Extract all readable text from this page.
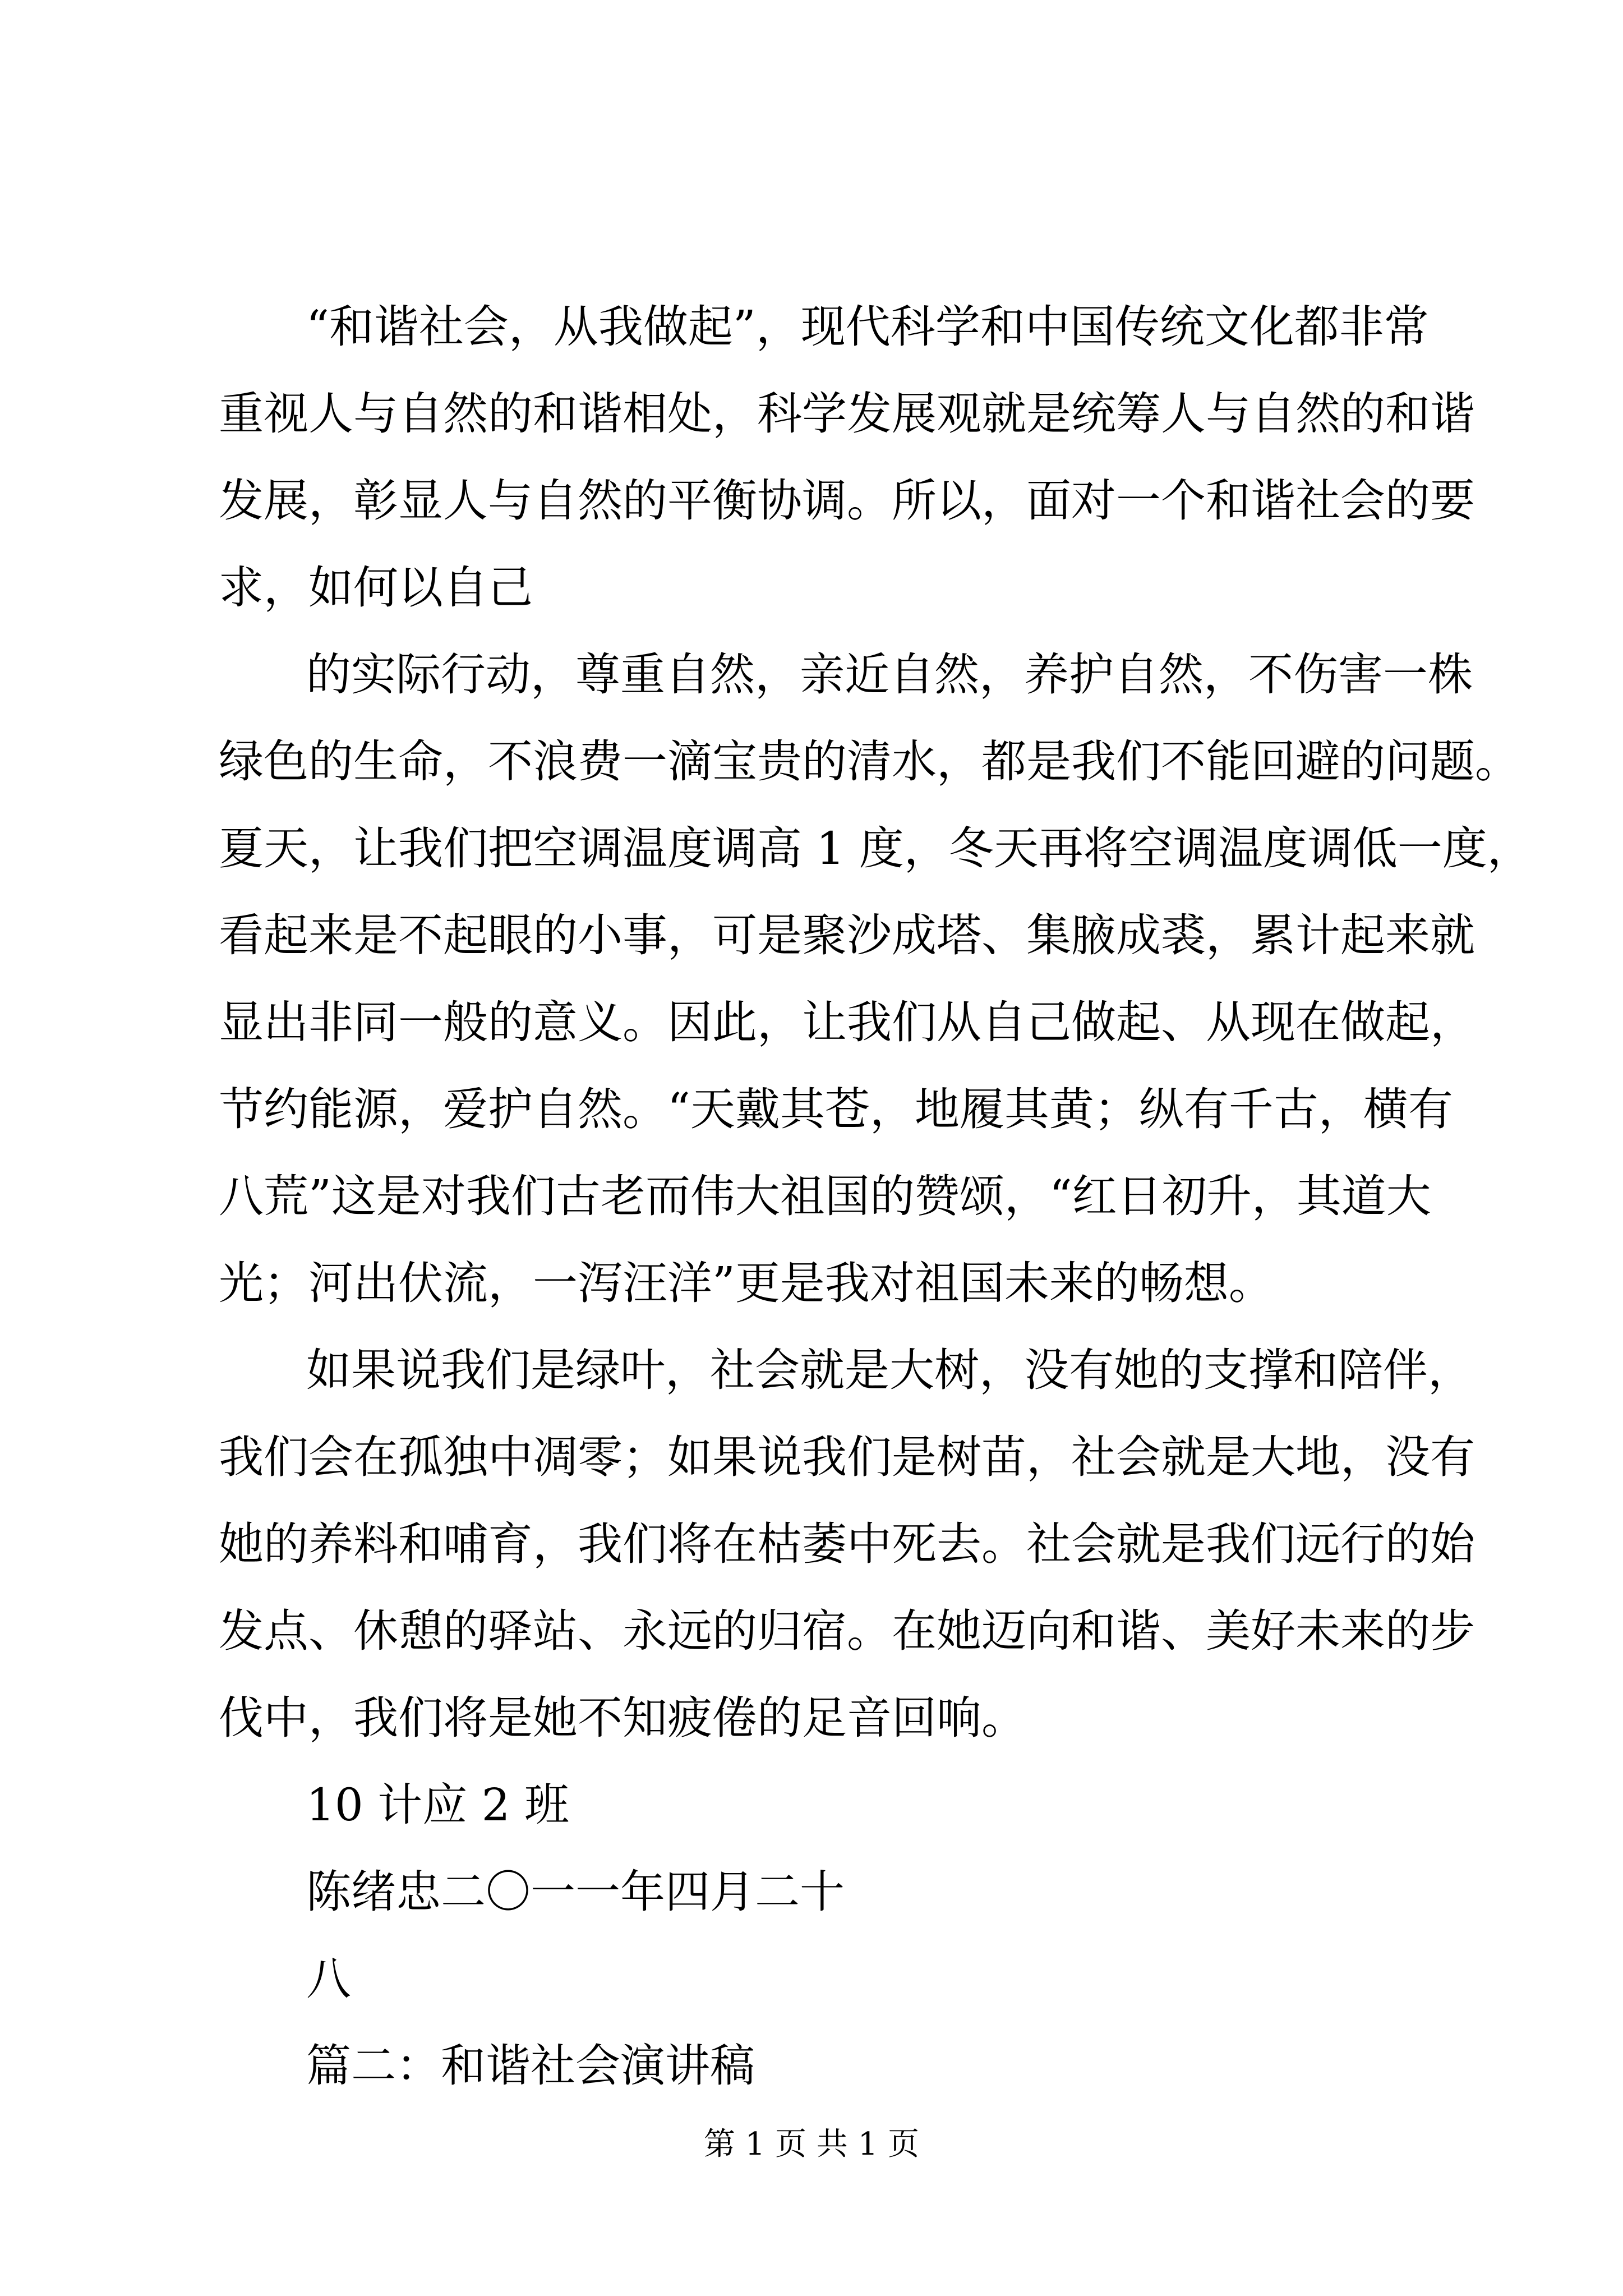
“和谐社会，从我做起”，现代科学和中国传统文化都非常
重视人与自然的和谐相处，科学发展观就是统筹人与自然的和谐
发展，彰显人与自然的平衡协调。所以，面对一个和谐社会的要
求，如何以自己
的实际行动，尊重自然，亲近自然，养护自然，不伤害一株
绿色的生命，不浪费一滴宝贵的清水，都是我们不能回避的问题。
夏天，让我们把空调温度调高 1 度，冬天再将空调温度调低一度，
看起来是不起眼的小事，可是聚沙成塔、集腋成裘，累计起来就
显出非同一般的意义。因此，让我们从自己做起、从现在做起，
节约能源，爱护自然。“天戴其苍，地履其黄；纵有千古，横有
八荒”这是对我们古老而伟大祖国的赞颂，“红日初升，其道大
光；河出伏流，一泻汪洋”更是我对祖国未来的畅想。
如果说我们是绿叶，社会就是大树，没有她的支撑和陪伴，
我们会在孤独中凋零；如果说我们是树苗，社会就是大地，没有
她的养料和哺育，我们将在枯萎中死去。社会就是我们远行的始
发点、休憩的驿站、永远的归宿。在她迈向和谐、美好未来的步
伐中，我们将是她不知疲倦的足音回响。
10 计应 2 班
陈绪忠二〇一一年四月二十
八
篇二：和谐社会演讲稿
第 1 页 共 1 页
